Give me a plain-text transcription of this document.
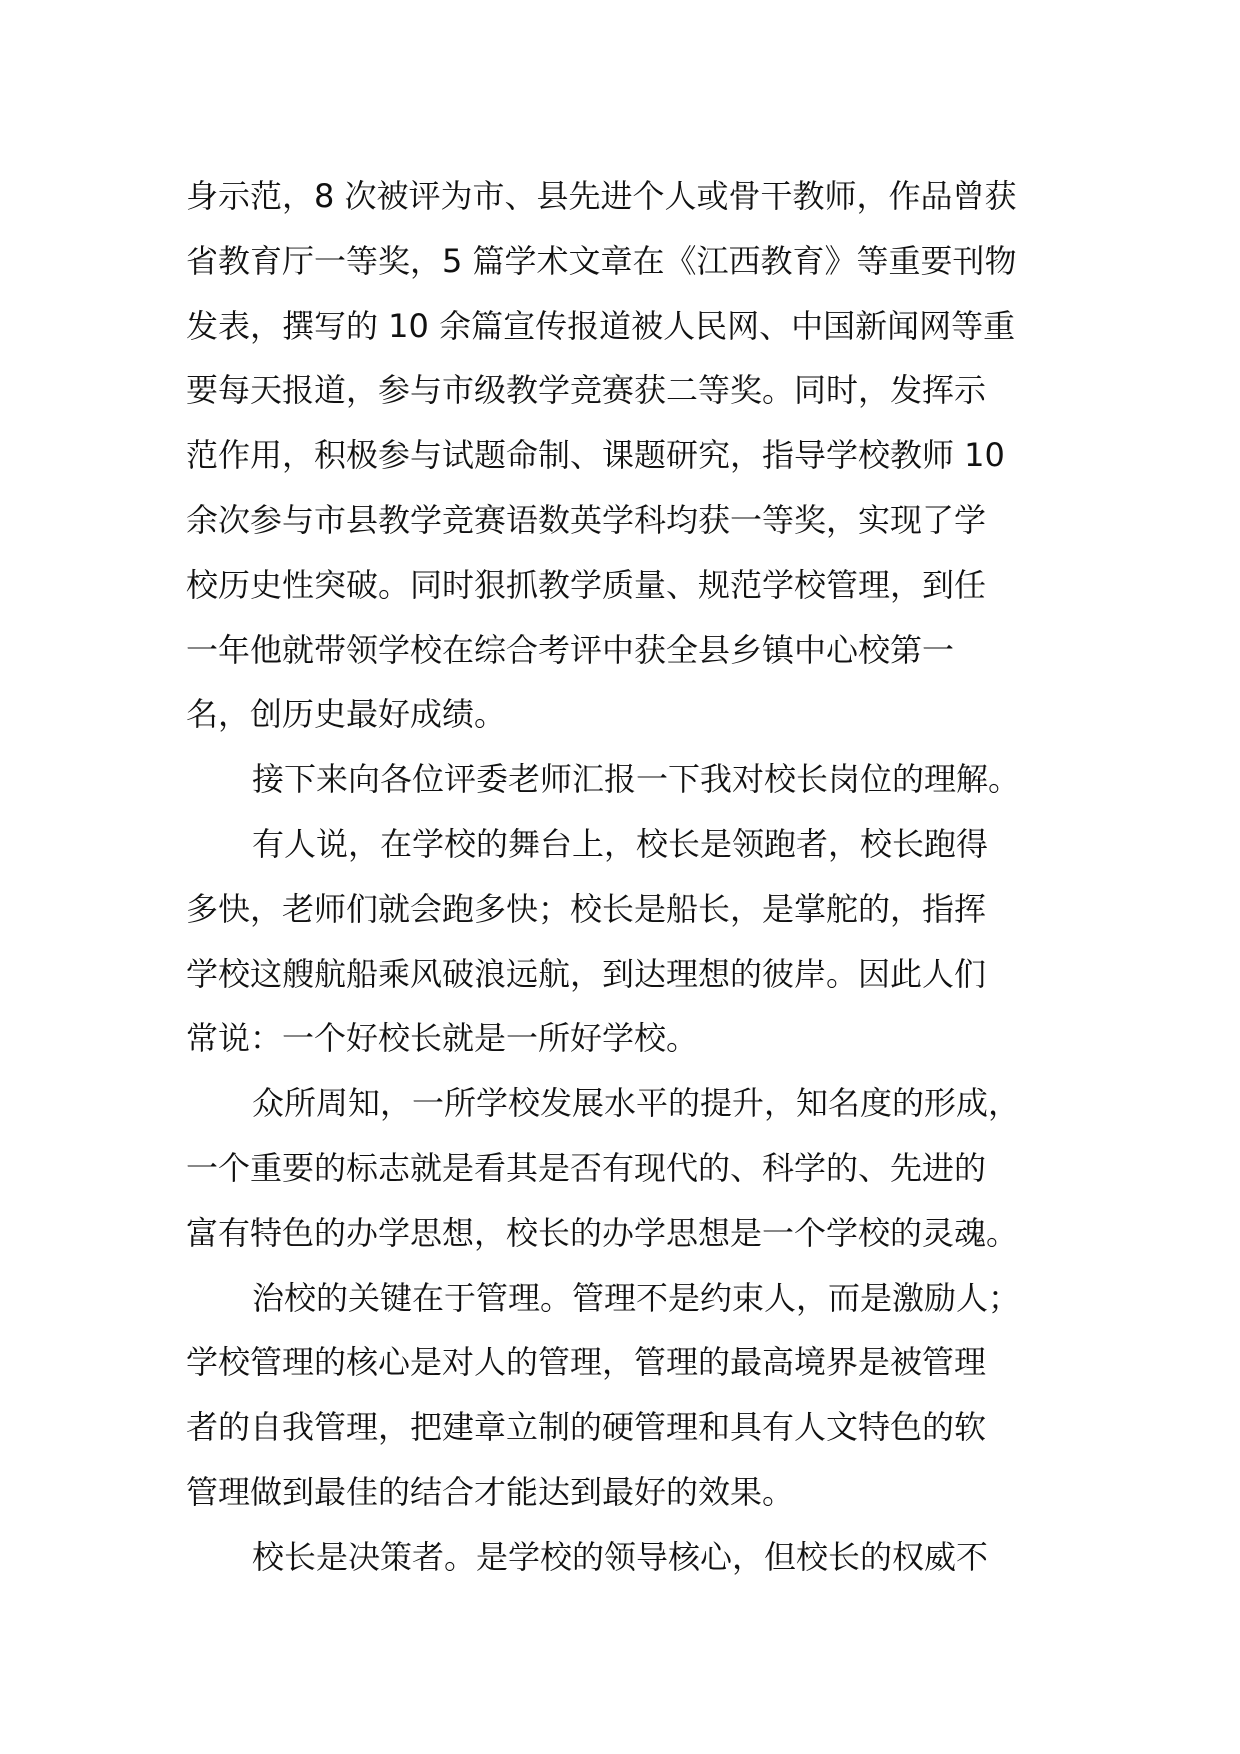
身示范，8 次被评为市、县先进个人或骨干教师，作品曾获
省教育厅一等奖，5 篇学术文章在《江西教育》等重要刊物
发表，撰写的 10 余篇宣传报道被人民网、中国新闻网等重
要每天报道，参与市级教学竞赛获二等奖。同时，发挥示
范作用，积极参与试题命制、课题研究，指导学校教师 10
余次参与市县教学竞赛语数英学科均获一等奖，实现了学
校历史性突破。同时狠抓教学质量、规范学校管理，到任
一年他就带领学校在综合考评中获全县乡镇中心校第一
名，创历史最好成绩。
接下来向各位评委老师汇报一下我对校长岗位的理解。
有人说，在学校的舞台上，校长是领跑者，校长跑得
多快，老师们就会跑多快；校长是船长，是掌舵的，指挥
学校这艘航船乘风破浪远航，到达理想的彼岸。因此人们
常说：一个好校长就是一所好学校。
众所周知，一所学校发展水平的提升，知名度的形成，
一个重要的标志就是看其是否有现代的、科学的、先进的
富有特色的办学思想，校长的办学思想是一个学校的灵魂。
治校的关键在于管理。管理不是约束人，而是激励人；
学校管理的核心是对人的管理，管理的最高境界是被管理
者的自我管理，把建章立制的硬管理和具有人文特色的软
管理做到最佳的结合才能达到最好的效果。
校长是决策者。是学校的领导核心，但校长的权威不
